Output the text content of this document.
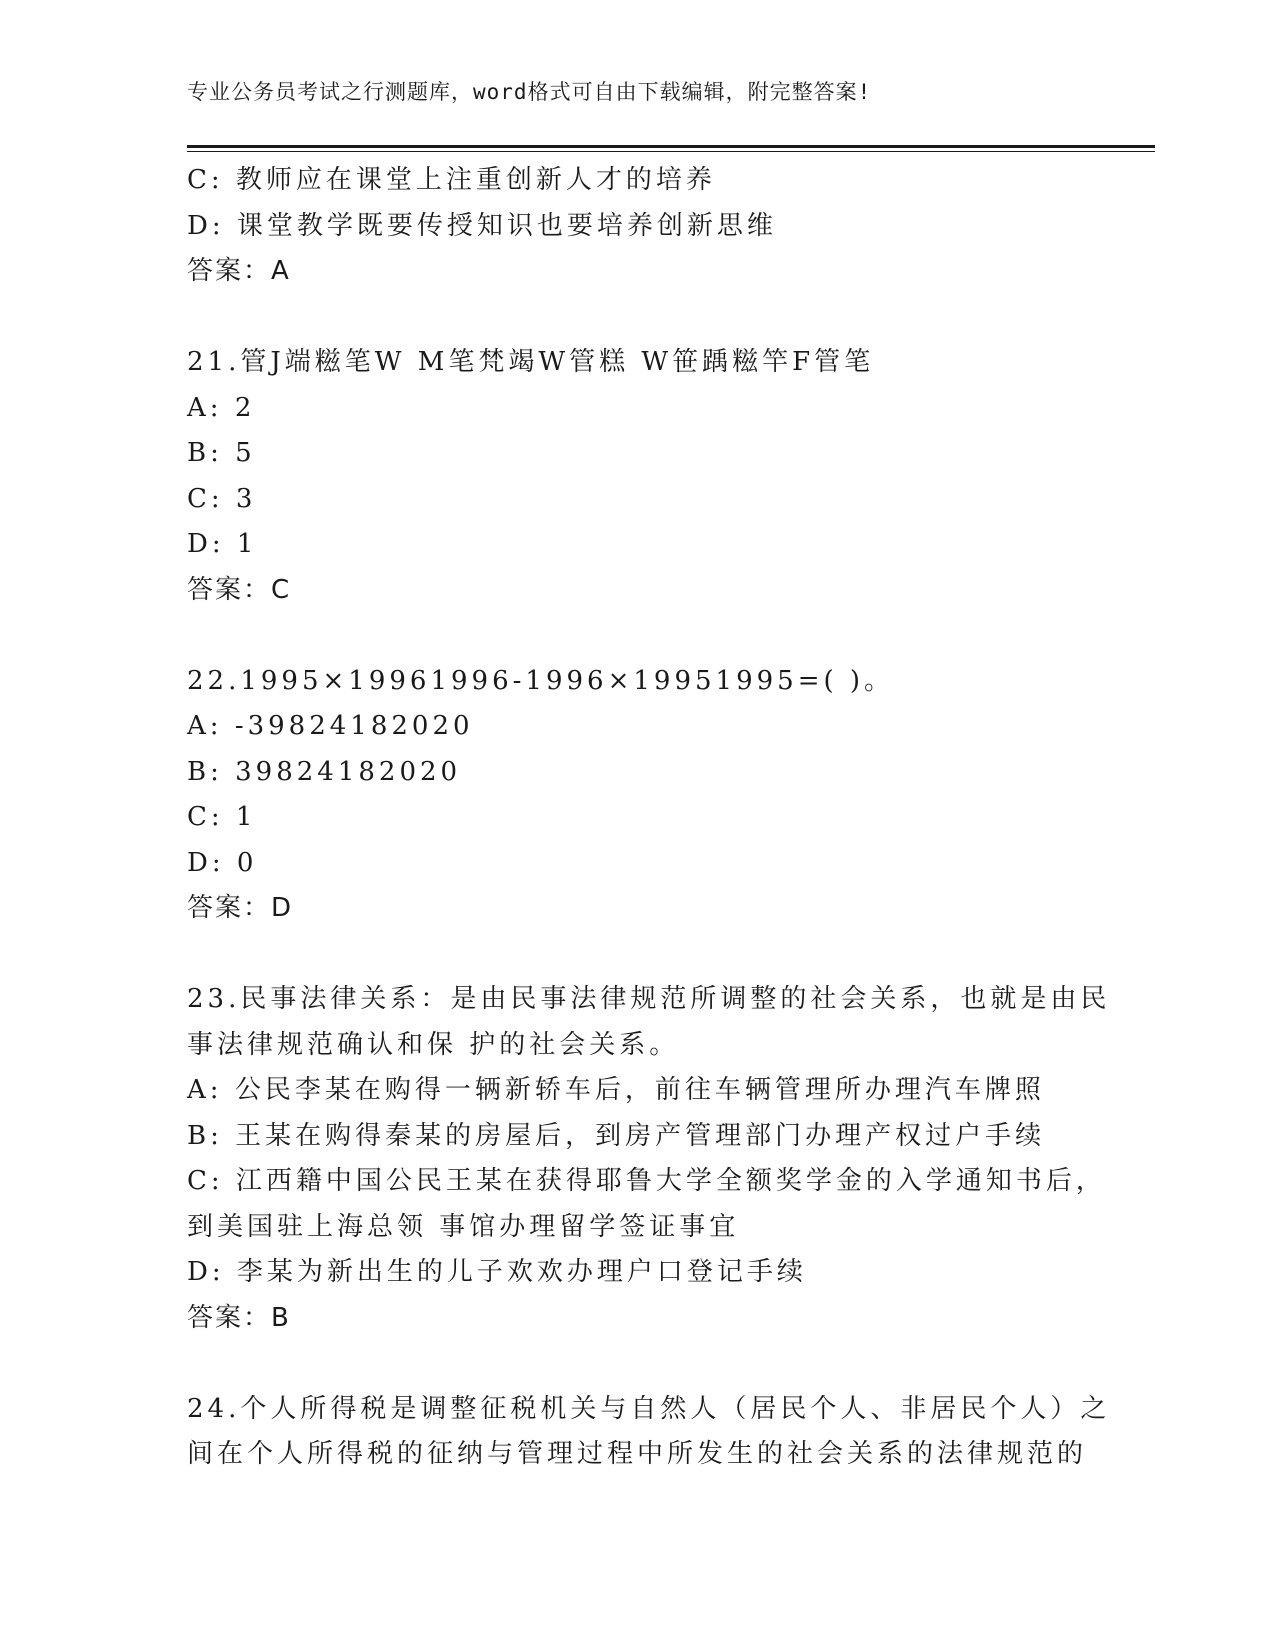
专业公务员考试之行测题库，word格式可自由下载编辑，附完整答案!
C: 教师应在课堂上注重创新人才的培养
D: 课堂教学既要传授知识也要培养创新思维
答案：A
21.管J端糍笔W M笔梵竭W管糕 W笹踽糍竿F管笔
A: 2
B: 5
C: 3
D: 1
答案：C
22.1995×19961996-1996×19951995=( )。
A: -39824182020
B: 39824182020
C: 1
D: 0
答案：D
23.民事法律关系：是由民事法律规范所调整的社会关系，也就是由民
事法律规范确认和保 护的社会关系。
A: 公民李某在购得一辆新轿车后，前往车辆管理所办理汽车牌照
B: 王某在购得秦某的房屋后，到房产管理部门办理产权过户手续
C: 江西籍中国公民王某在获得耶鲁大学全额奖学金的入学通知书后，
到美国驻上海总领 事馆办理留学签证事宜
D: 李某为新出生的儿子欢欢办理户口登记手续
答案：B
24.个人所得税是调整征税机关与自然人（居民个人、非居民个人）之
间在个人所得税的征纳与管理过程中所发生的社会关系的法律规范的
